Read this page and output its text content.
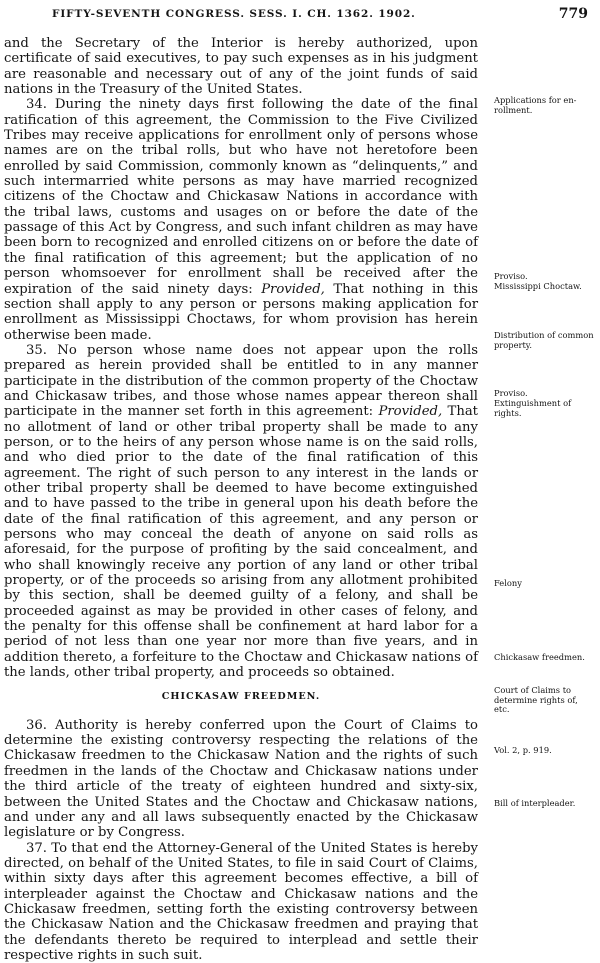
FIFTY-SEVENTH CONGRESS. SESS. I. CH. 1362. 1902.	779

and the Secretary of the Interior is hereby authorized, upon certificate of said executives, to pay such expenses as in his judgment are reasonable and necessary out of any of the joint funds of said nations in the Treasury of the United States.

34. During the ninety days first following the date of the final ratification of this agreement, the Commission to the Five Civilized Tribes may receive applications for enrollment only of persons whose names are on the tribal rolls, but who have not heretofore been enrolled by said Commission, commonly known as “delinquents,” and such intermarried white persons as may have married recognized citizens of the Choctaw and Chickasaw Nations in accordance with the tribal laws, customs and usages on or before the date of the passage of this Act by Congress, and such infant children as may have been born to recognized and enrolled citizens on or before the date of the final ratification of this agreement; but the application of no person whomsoever for enrollment shall be received after the expiration of the said ninety days: Provided, That nothing in this section shall apply to any person or persons making application for enrollment as Mississippi Choctaws, for whom provision has herein otherwise been made.

35. No person whose name does not appear upon the rolls prepared as herein provided shall be entitled to in any manner participate in the distribution of the common property of the Choctaw and Chickasaw tribes, and those whose names appear thereon shall participate in the manner set forth in this agreement: Provided, That no allotment of land or other tribal property shall be made to any person, or to the heirs of any person whose name is on the said rolls, and who died prior to the date of the final ratification of this agreement. The right of such person to any interest in the lands or other tribal property shall be deemed to have become extinguished and to have passed to the tribe in general upon his death before the date of the final ratification of this agreement, and any person or persons who may conceal the death of anyone on said rolls as aforesaid, for the purpose of profiting by the said concealment, and who shall knowingly receive any portion of any land or other tribal property, or of the proceeds so arising from any allotment prohibited by this section, shall be deemed guilty of a felony, and shall be proceeded against as may be provided in other cases of felony, and the penalty for this offense shall be confinement at hard labor for a period of not less than one year nor more than five years, and in addition thereto, a forfeiture to the Choctaw and Chickasaw nations of the lands, other tribal property, and proceeds so obtained.

CHICKASAW FREEDMEN.

36. Authority is hereby conferred upon the Court of Claims to determine the existing controversy respecting the relations of the Chickasaw freedmen to the Chickasaw Nation and the rights of such freedmen in the lands of the Choctaw and Chickasaw nations under the third article of the treaty of eighteen hundred and sixty-six, between the United States and the Choctaw and Chickasaw nations, and under any and all laws subsequently enacted by the Chickasaw legislature or by Congress.

37. To that end the Attorney-General of the United States is hereby directed, on behalf of the United States, to file in said Court of Claims, within sixty days after this agreement becomes effective, a bill of interpleader against the Choctaw and Chickasaw nations and the Chickasaw freedmen, setting forth the existing controversy between the Chickasaw Nation and the Chickasaw freedmen and praying that the defendants thereto be required to interplead and settle their respective rights in such suit.

Applications for enrollment.
Proviso.
Mississippi Choctaw.
Distribution of common property.
Proviso.
Extinguishment of rights.
Felony
Chickasaw freedmen.
Court of Claims to determine rights of, etc.
Vol. 2, p. 919.
Bill of interpleader.
